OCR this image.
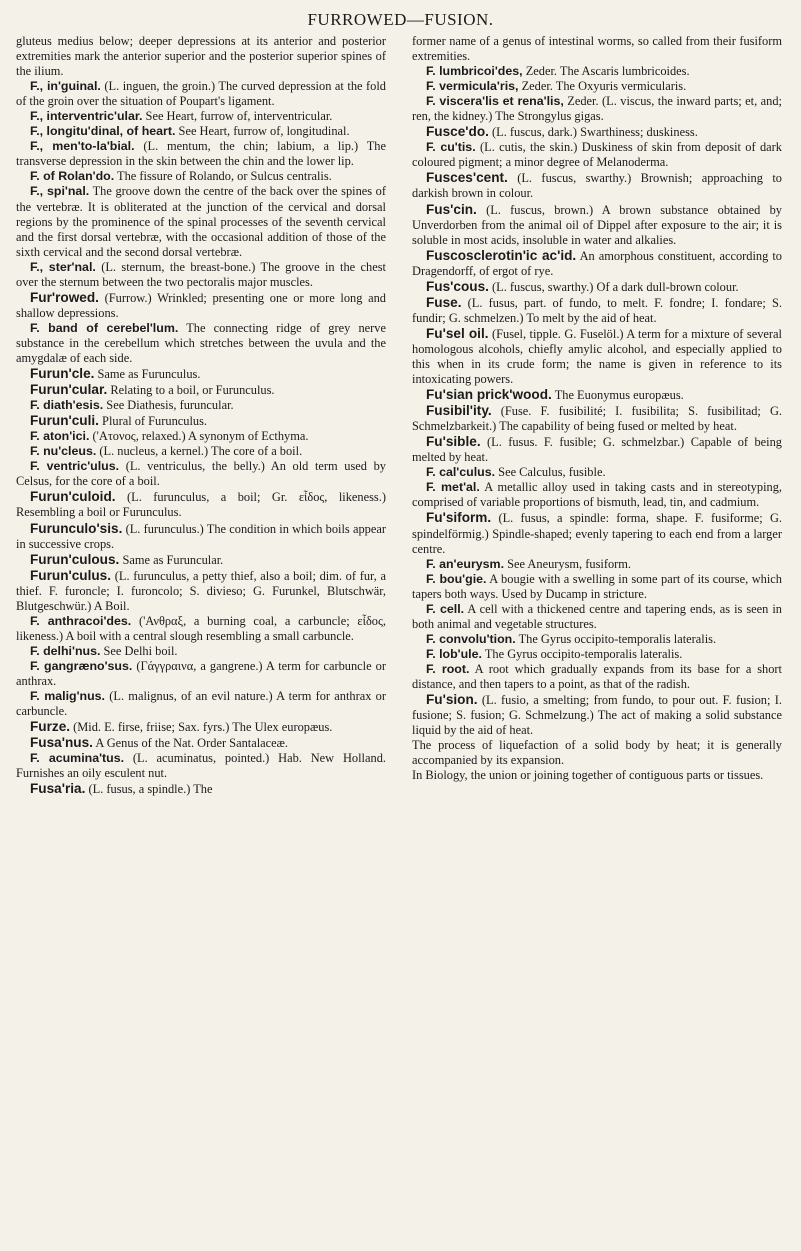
FURROWED—FUSION.

gluteus medius below; deeper depressions at its anterior and posterior extremities mark the anterior superior and the posterior superior spines of the ilium.

F., in'guinal. (L. inguen, the groin.) The curved depression at the fold of the groin over the situation of Poupart's ligament.

F., interventric'ular. See Heart, furrow of, interventricular.

F., longitu'dinal, of heart. See Heart, furrow of, longitudinal.

F., men'to-la'bial. (L. mentum, the chin; labium, a lip.) The transverse depression in the skin between the chin and the lower lip.

F. of Rolan'do. The fissure of Rolando, or Sulcus centralis.

F., spi'nal. The groove down the centre of the back over the spines of the vertebræ. It is obliterated at the junction of the cervical and dorsal regions by the prominence of the spinal processes of the seventh cervical and the first dorsal vertebræ, with the occasional addition of those of the sixth cervical and the second dorsal vertebræ.

F., ster'nal. (L. sternum, the breast-bone.) The groove in the chest over the sternum between the two pectoralis major muscles.

Fur'rowed. (Furrow.) Wrinkled; presenting one or more long and shallow depressions.

F. band of cerebel'lum. The connecting ridge of grey nerve substance in the cerebellum which stretches between the uvula and the amygdalæ of each side.

Furun'cle. Same as Furunculus.

Furun'cular. Relating to a boil, or Furunculus.

F. diath'esis. See Diathesis, furuncular.

Furun'culi. Plural of Furunculus.

F. aton'ici. ('Ατονος, relaxed.) A synonym of Ecthyma.

F. nu'cleus. (L. nucleus, a kernel.) The core of a boil.

F. ventric'ulus. (L. ventriculus, the belly.) An old term used by Celsus, for the core of a boil.

Furun'culoid. (L. furunculus, a boil; Gr. εἶδος, likeness.) Resembling a boil or Furunculus.

Furunculo'sis. (L. furunculus.) The condition in which boils appear in successive crops.

Furun'culous. Same as Furuncular.

Furun'culus. (L. furunculus, a petty thief, also a boil; dim. of fur, a thief. F. furoncle; I. furoncolo; S. divieso; G. Furunkel, Blutschwär, Blutgeschwür.) A Boil.

F. anthracoi'des. ('Ανθραξ, a burning coal, a carbuncle; εἶδος, likeness.) A boil with a central slough resembling a small carbuncle.

F. delhi'nus. See Delhi boil.

F. gangræno'sus. (Γάγγραινα, a gangrene.) A term for carbuncle or anthrax.

F. malig'nus. (L. malignus, of an evil nature.) A term for anthrax or carbuncle.

Furze. (Mid. E. firse, friise; Sax. fyrs.) The Ulex europæus.

Fusa'nus. A Genus of the Nat. Order Santalaceæ.

F. acumina'tus. (L. acuminatus, pointed.) Hab. New Holland. Furnishes an oily esculent nut.

Fusa'ria. (L. fusus, a spindle.) The

former name of a genus of intestinal worms, so called from their fusiform extremities.

F. lumbricoi'des, Zeder. The Ascaris lumbricoides.

F. vermicula'ris, Zeder. The Oxyuris vermicularis.

F. viscera'lis et rena'lis, Zeder. (L. viscus, the inward parts; et, and; ren, the kidney.) The Strongylus gigas.

Fusce'do. (L. fuscus, dark.) Swarthiness; duskiness.

F. cu'tis. (L. cutis, the skin.) Duskiness of skin from deposit of dark coloured pigment; a minor degree of Melanoderma.

Fusces'cent. (L. fuscus, swarthy.) Brownish; approaching to darkish brown in colour.

Fus'cin. (L. fuscus, brown.) A brown substance obtained by Unverdorben from the animal oil of Dippel after exposure to the air; it is soluble in most acids, insoluble in water and alkalies.

Fuscosclerotin'ic ac'id. An amorphous constituent, according to Dragendorff, of ergot of rye.

Fus'cous. (L. fuscus, swarthy.) Of a dark dull-brown colour.

Fuse. (L. fusus, part. of fundo, to melt. F. fondre; I. fondare; S. fundir; G. schmelzen.) To melt by the aid of heat.

Fu'sel oil. (Fusel, tipple. G. Fuselöl.) A term for a mixture of several homologous alcohols, chiefly amylic alcohol, and especially applied to this when in its crude form; the name is given in reference to its intoxicating powers.

Fu'sian prick'wood. The Euonymus europæus.

Fusibil'ity. (Fuse. F. fusibilité; I. fusibilita; S. fusibilitad; G. Schmelzbarkeit.) The capability of being fused or melted by heat.

Fu'sible. (L. fusus. F. fusible; G. schmelzbar.) Capable of being melted by heat.

F. cal'culus. See Calculus, fusible.

F. met'al. A metallic alloy used in taking casts and in stereotyping, comprised of variable proportions of bismuth, lead, tin, and cadmium.

Fu'siform. (L. fusus, a spindle: forma, shape. F. fusiforme; G. spindelförmig.) Spindle-shaped; evenly tapering to each end from a larger centre.

F. an'eurysm. See Aneurysm, fusiform.

F. bou'gie. A bougie with a swelling in some part of its course, which tapers both ways. Used by Ducamp in stricture.

F. cell. A cell with a thickened centre and tapering ends, as is seen in both animal and vegetable structures.

F. convolu'tion. The Gyrus occipito-temporalis lateralis.

F. lob'ule. The Gyrus occipito-temporalis lateralis.

F. root. A root which gradually expands from its base for a short distance, and then tapers to a point, as that of the radish.

Fu'sion. (L. fusio, a smelting; from fundo, to pour out. F. fusion; I. fusione; S. fusion; G. Schmelzung.) The act of making a solid substance liquid by the aid of heat.

The process of liquefaction of a solid body by heat; it is generally accompanied by its expansion.

In Biology, the union or joining together of contiguous parts or tissues.
